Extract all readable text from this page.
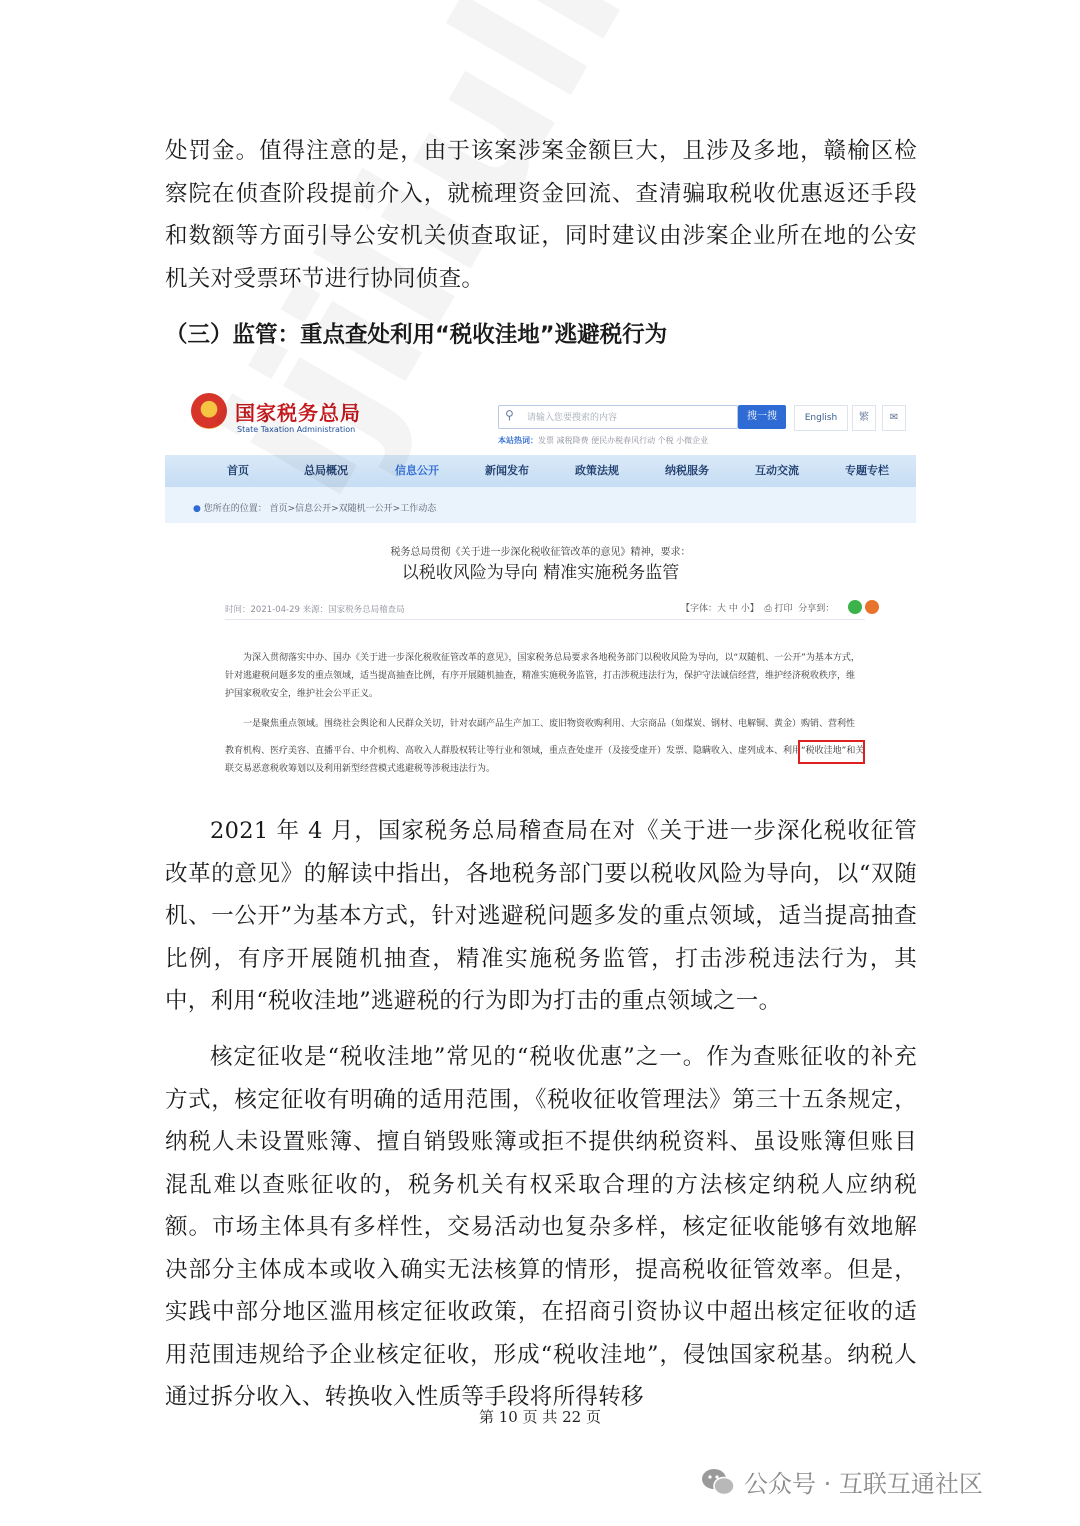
处罚金。值得注意的是，由于该案涉案金额巨大，且涉及多地，赣榆区检察院在侦查阶段提前介入，就梳理资金回流、查清骗取税收优惠返还手段和数额等方面引导公安机关侦查取证，同时建议由涉案企业所在地的公安机关对受票环节进行协同侦查。

（三）监管：重点查处利用“税收洼地”逃避税行为

国家税务总局
State Taxation Administration
⚲ 请输入您要搜索的内容	搜一搜	English	繁	✉
本站热词：发票 减税降费 便民办税春风行动 个税 小微企业
首页	总局概况	信息公开	新闻发布	政策法规	纳税服务	互动交流	专题专栏
● 您所在的位置： 首页>信息公开>双随机一公开>工作动态
税务总局贯彻《关于进一步深化税收征管改革的意见》精神，要求：
以税收风险为导向 精准实施税务监管
时间：2021-04-29 来源：国家税务总局稽查局	【字体：大 中 小】 ⎙ 打印 分享到：
为深入贯彻落实中办、国办《关于进一步深化税收征管改革的意见》，国家税务总局要求各地税务部门以税收风险为导向，以“双随机、一公开”为基本方式，
针对逃避税问题多发的重点领域，适当提高抽查比例，有序开展随机抽查，精准实施税务监管，打击涉税违法行为，保护守法诚信经营，维护经济税收秩序，维
护国家税收安全，维护社会公平正义。
一是聚焦重点领域。围绕社会舆论和人民群众关切，针对农副产品生产加工、废旧物资收购利用、大宗商品（如煤炭、钢材、电解铜、黄金）购销、营利性
教育机构、医疗美容、直播平台、中介机构、高收入人群股权转让等行业和领域，重点查处虚开（及接受虚开）发票、隐瞒收入、虚列成本、利用“税收洼地”和关
联交易恶意税收筹划以及利用新型经营模式逃避税等涉税违法行为。

2021 年 4 月，国家税务总局稽查局在对《关于进一步深化税收征管改革的意见》的解读中指出，各地税务部门要以税收风险为导向，以“双随机、一公开”为基本方式，针对逃避税问题多发的重点领域，适当提高抽查比例，有序开展随机抽查，精准实施税务监管，打击涉税违法行为，其中，利用“税收洼地”逃避税的行为即为打击的重点领域之一。

核定征收是“税收洼地”常见的“税收优惠”之一。作为查账征收的补充方式，核定征收有明确的适用范围，《税收征收管理法》第三十五条规定，纳税人未设置账簿、擅自销毁账簿或拒不提供纳税资料、虽设账簿但账目混乱难以查账征收的，税务机关有权采取合理的方法核定纳税人应纳税额。市场主体具有多样性，交易活动也复杂多样，核定征收能够有效地解决部分主体成本或收入确实无法核算的情形，提高税收征管效率。但是，实践中部分地区滥用核定征收政策，在招商引资协议中超出核定征收的适用范围违规给予企业核定征收，形成“税收洼地”，侵蚀国家税基。纳税人通过拆分收入、转换收入性质等手段将所得转移

第 10 页 共 22 页
公众号 · 互联互通社区
